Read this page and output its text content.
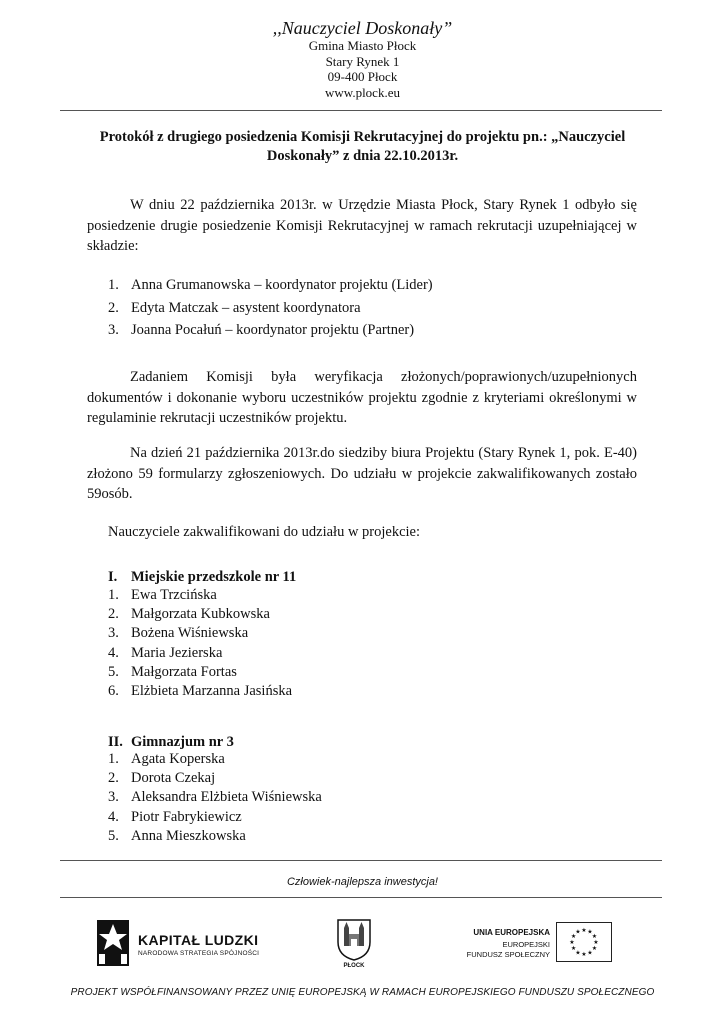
,,Nauczyciel Doskonały”
Gmina Miasto Płock
Stary Rynek 1
09-400 Płock
www.plock.eu
Protokół z drugiego posiedzenia Komisji Rekrutacyjnej do projektu pn.: „Nauczyciel Doskonały” z dnia 22.10.2013r.
W dniu 22 października 2013r. w Urzędzie Miasta Płock, Stary Rynek 1 odbyło się posiedzenie drugie posiedzenie Komisji Rekrutacyjnej w ramach rekrutacji uzupełniającej w składzie:
1. Anna Grumanowska – koordynator projektu (Lider)
2. Edyta Matczak – asystent koordynatora
3. Joanna Pocałuń – koordynator projektu (Partner)
Zadaniem Komisji była weryfikacja złożonych/poprawionych/uzupełnionych dokumentów i dokonanie wyboru uczestników projektu zgodnie z kryteriami określonymi w regulaminie rekrutacji uczestników projektu.
Na dzień 21 października 2013r.do siedziby biura Projektu (Stary Rynek 1, pok. E-40) złożono 59 formularzy zgłoszeniowych. Do udziału w projekcie zakwalifikowanych zostało 59osób.
Nauczyciele zakwalifikowani do udziału w projekcie:
I. Miejskie przedszkole nr 11
1. Ewa Trzcińska
2. Małgorzata Kubkowska
3. Bożena Wiśniewska
4. Maria Jezierska
5. Małgorzata Fortas
6. Elżbieta Marzanna Jasińska
II. Gimnazjum nr 3
1. Agata Koperska
2. Dorota Czekaj
3. Aleksandra Elżbieta Wiśniewska
4. Piotr Fabrykiewicz
5. Anna Mieszkowska
Człowiek-najlepsza inwestycja!
KAPITAŁ LUDZKI
NARODOWA STRATEGIA SPÓJNOŚCI
PŁOCK
UNIA EUROPEJSKA
EUROPEJSKI
FUNDUSZ SPOŁECZNY
★ ★
★
★
★
★
★
★
★
★
★
★
PROJEKT WSPÓŁFINANSOWANY PRZEZ UNIĘ EUROPEJSKĄ W RAMACH EUROPEJSKIEGO FUNDUSZU SPOŁECZNEGO
